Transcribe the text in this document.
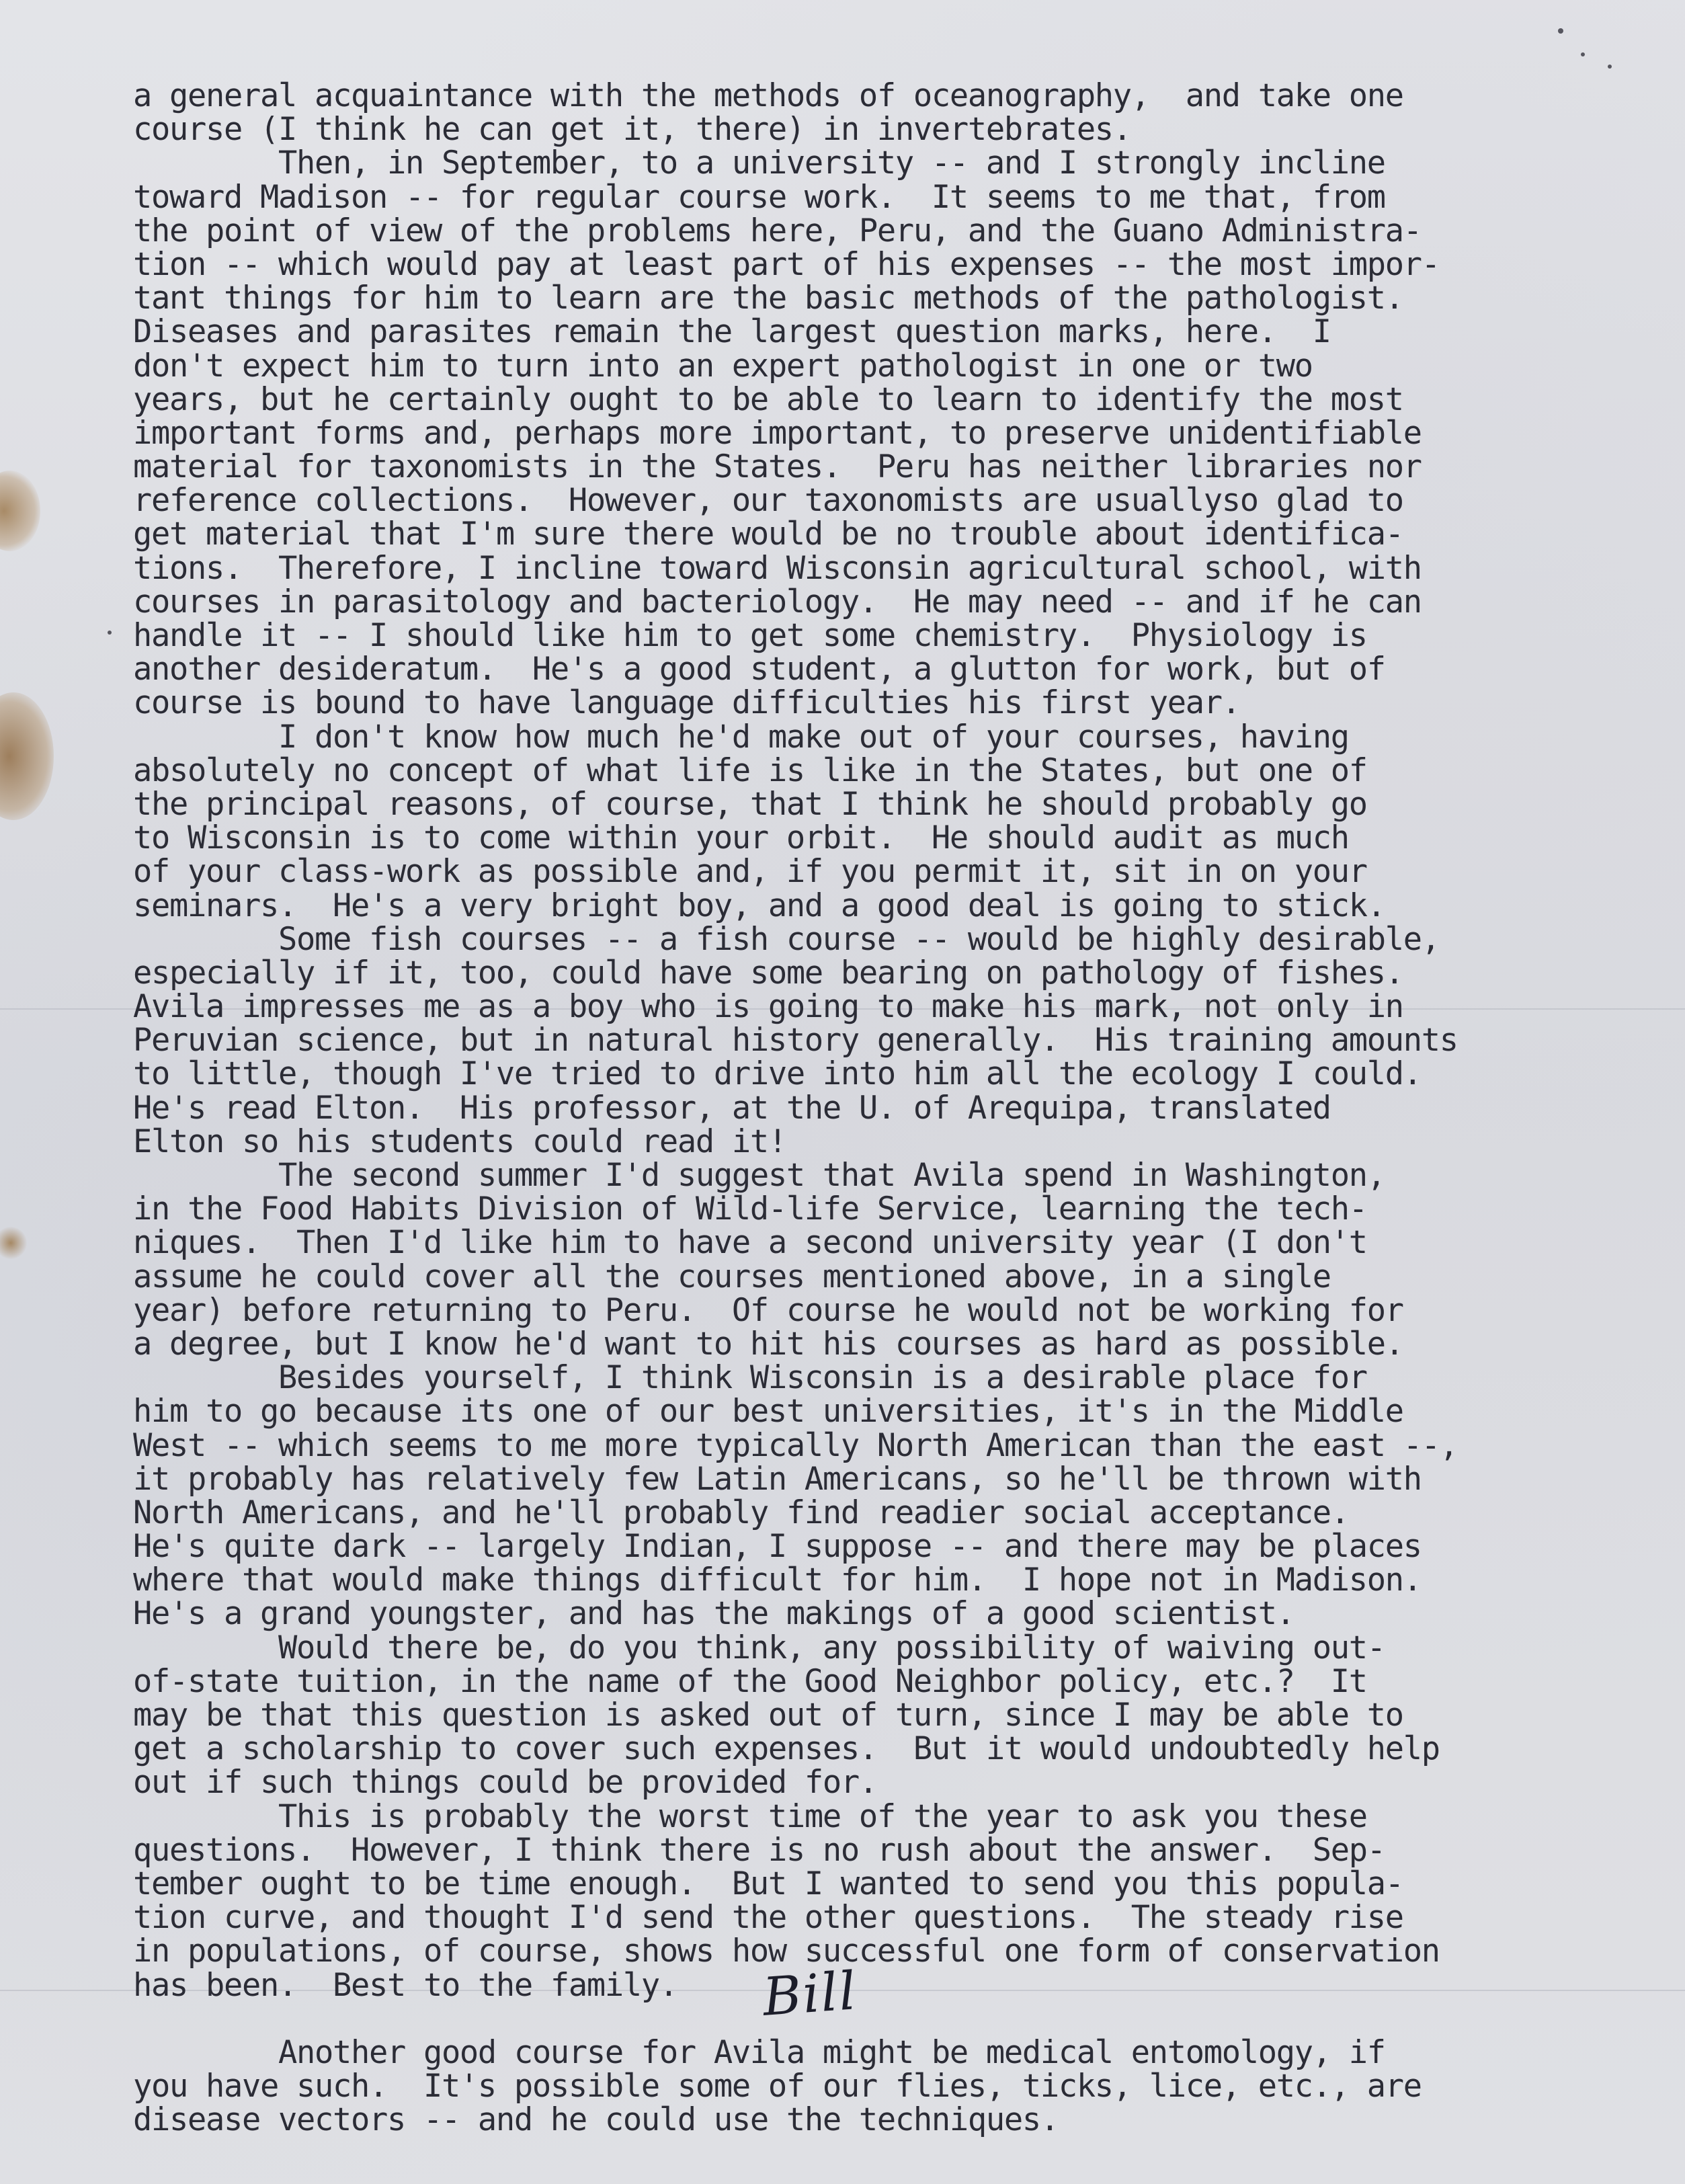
a general acquaintance with the methods of oceanography,  and take one
course (I think he can get it, there) in invertebrates.
Then, in September, to a university -- and I strongly incline
toward Madison -- for regular course work.  It seems to me that, from
the point of view of the problems here, Peru, and the Guano Administra-
tion -- which would pay at least part of his expenses -- the most impor-
tant things for him to learn are the basic methods of the pathologist.
Diseases and parasites remain the largest question marks, here.  I
don't expect him to turn into an expert pathologist in one or two
years, but he certainly ought to be able to learn to identify the most
important forms and, perhaps more important, to preserve unidentifiable
material for taxonomists in the States.  Peru has neither libraries nor
reference collections.  However, our taxonomists are usuallyso glad to
get material that I'm sure there would be no trouble about identifica-
tions.  Therefore, I incline toward Wisconsin agricultural school, with
courses in parasitology and bacteriology.  He may need -- and if he can
handle it -- I should like him to get some chemistry.  Physiology is
another desideratum.  He's a good student, a glutton for work, but of
course is bound to have language difficulties his first year.
I don't know how much he'd make out of your courses, having
absolutely no concept of what life is like in the States, but one of
the principal reasons, of course, that I think he should probably go
to Wisconsin is to come within your orbit.  He should audit as much
of your class-work as possible and, if you permit it, sit in on your
seminars.  He's a very bright boy, and a good deal is going to stick.
Some fish courses -- a fish course -- would be highly desirable,
especially if it, too, could have some bearing on pathology of fishes.
Avila impresses me as a boy who is going to make his mark, not only in
Peruvian science, but in natural history generally.  His training amounts
to little, though I've tried to drive into him all the ecology I could.
He's read Elton.  His professor, at the U. of Arequipa, translated
Elton so his students could read it!
The second summer I'd suggest that Avila spend in Washington,
in the Food Habits Division of Wild-life Service, learning the tech-
niques.  Then I'd like him to have a second university year (I don't
assume he could cover all the courses mentioned above, in a single
year) before returning to Peru.  Of course he would not be working for
a degree, but I know he'd want to hit his courses as hard as possible.
Besides yourself, I think Wisconsin is a desirable place for
him to go because its one of our best universities, it's in the Middle
West -- which seems to me more typically North American than the east --,
it probably has relatively few Latin Americans, so he'll be thrown with
North Americans, and he'll probably find readier social acceptance.
He's quite dark -- largely Indian, I suppose -- and there may be places
where that would make things difficult for him.  I hope not in Madison.
He's a grand youngster, and has the makings of a good scientist.
Would there be, do you think, any possibility of waiving out-
of-state tuition, in the name of the Good Neighbor policy, etc.?  It
may be that this question is asked out of turn, since I may be able to
get a scholarship to cover such expenses.  But it would undoubtedly help
out if such things could be provided for.
This is probably the worst time of the year to ask you these
questions.  However, I think there is no rush about the answer.  Sep-
tember ought to be time enough.  But I wanted to send you this popula-
tion curve, and thought I'd send the other questions.  The steady rise
in populations, of course, shows how successful one form of conservation
has been.  Best to the family.
Another good course for Avila might be medical entomology, if
you have such.  It's possible some of our flies, ticks, lice, etc., are
disease vectors -- and he could use the techniques.
Bill
